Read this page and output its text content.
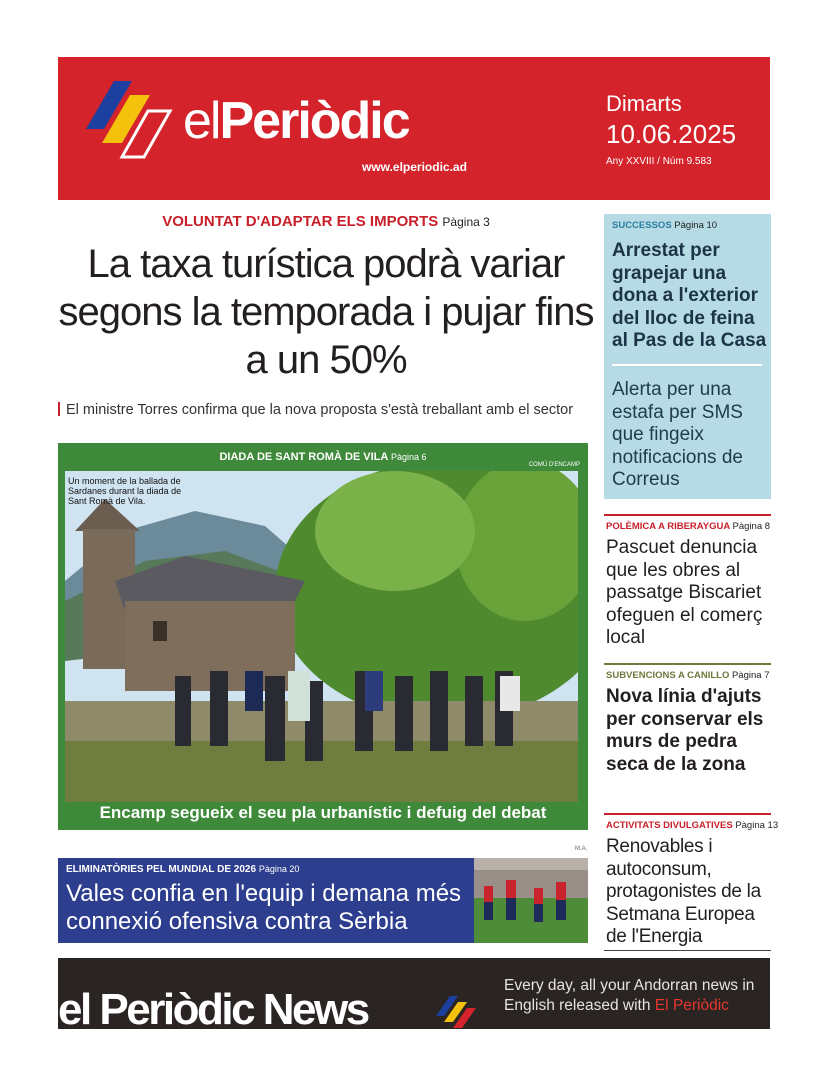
elPeriòdic
www.elperiodic.ad
Dimarts
10.06.2025
Any XXVIII / Núm 9.583
VOLUNTAT D'ADAPTAR ELS IMPORTS Pàgina 3
La taxa turística podrà variar segons la temporada i pujar fins a un 50%
El ministre Torres confirma que la nova proposta s'està treballant amb el sector
DIADA DE SANT ROMÀ DE VILA Pàgina 6
COMÚ D'ENCAMP
Un moment de la ballada de Sardanes durant la diada de Sant Romà de Vila.
Encamp segueix el seu pla urbanístic i defuig del debat
M.A.
ELIMINATÒRIES PEL MUNDIAL DE 2026 Pàgina 20
Vales confia en l'equip i demana més connexió ofensiva contra Sèrbia
SUCCESSOS Pàgina 10
Arrestat per grapejar una dona a l'exterior del lloc de feina al Pas de la Casa
Alerta per una estafa per SMS que fingeix notificacions de Correus
POLÈMICA A RIBERAYGUA Pàgina 8
Pascuet denuncia que les obres al passatge Biscariet ofeguen el comerç local
SUBVENCIONS A CANILLO Pàgina 7
Nova línia d'ajuts per conservar els murs de pedra seca de la zona
ACTIVITATS DIVULGATIVES Pàgina 13
Renovables i autoconsum, protagonistes de la Setmana Europea de l'Energia
el Periòdic News	Every day, all your Andorran news in English released with El Periòdic
